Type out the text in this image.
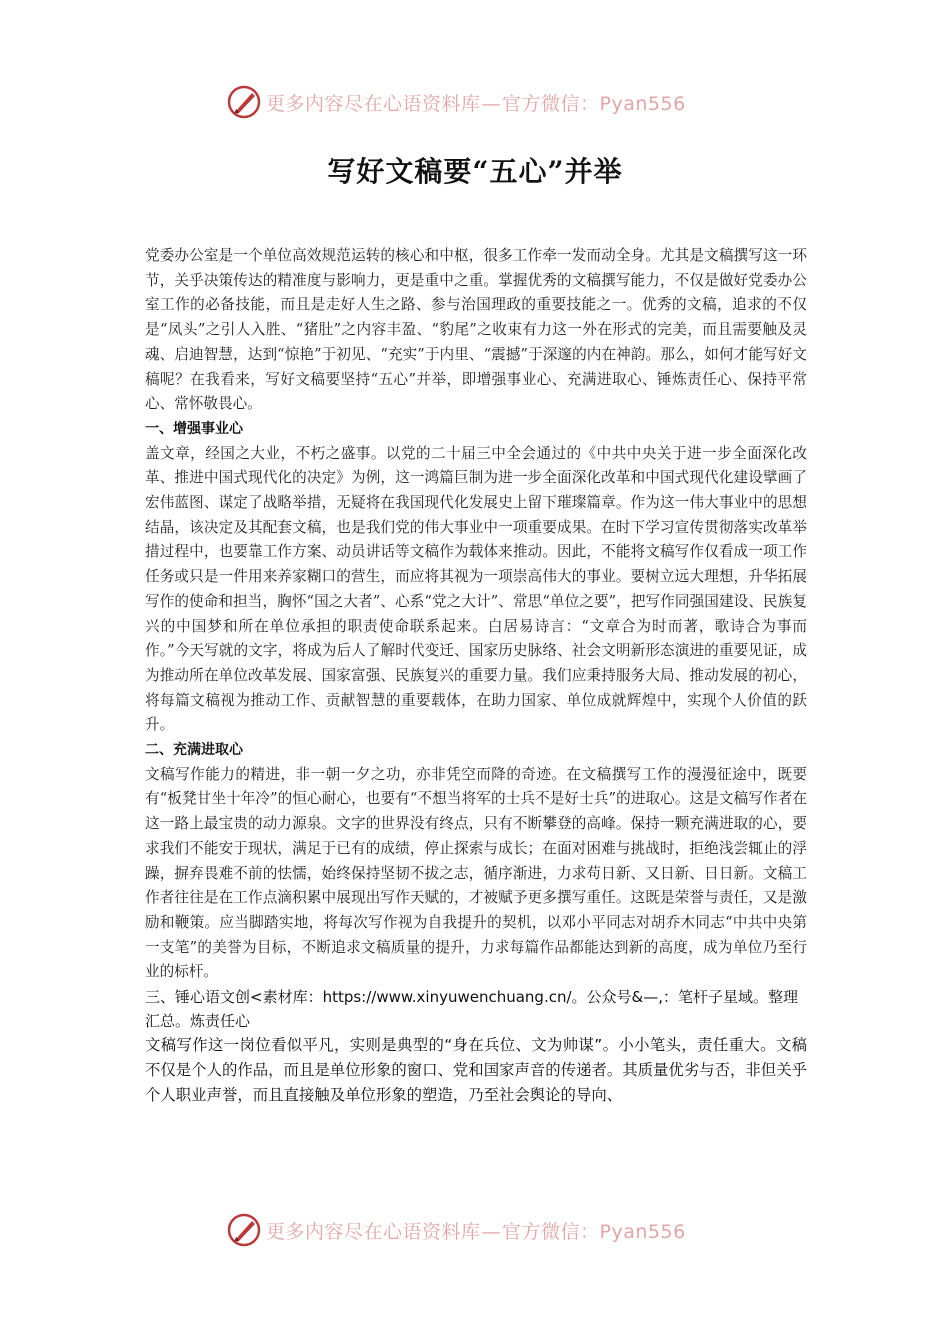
更多内容尽在心语资料库—官方微信：Pyan556
写好文稿要“五心”并举

党委办公室是一个单位高效规范运转的核心和中枢，很多工作牵一发而动全身。尤其是文稿撰写这一环节，关乎决策传达的精准度与影响力，更是重中之重。掌握优秀的文稿撰写能力，不仅是做好党委办公室工作的必备技能，而且是走好人生之路、参与治国理政的重要技能之一。优秀的文稿，追求的不仅是“凤头”之引人入胜、“猪肚”之内容丰盈、“豹尾”之收束有力这一外在形式的完美，而且需要触及灵魂、启迪智慧，达到“惊艳”于初见、“充实”于内里、“震撼”于深邃的内在神韵。那么，如何才能写好文稿呢？在我看来，写好文稿要坚持“五心”并举，即增强事业心、充满进取心、锤炼责任心、保持平常心、常怀敬畏心。

一、增强事业心

盖文章，经国之大业，不朽之盛事。以党的二十届三中全会通过的《中共中央关于进一步全面深化改革、推进中国式现代化的决定》为例，这一鸿篇巨制为进一步全面深化改革和中国式现代化建设擘画了宏伟蓝图、谋定了战略举措，无疑将在我国现代化发展史上留下璀璨篇章。作为这一伟大事业中的思想结晶，该决定及其配套文稿，也是我们党的伟大事业中一项重要成果。在时下学习宣传贯彻落实改革举措过程中，也要靠工作方案、动员讲话等文稿作为载体来推动。因此，不能将文稿写作仅看成一项工作任务或只是一件用来养家糊口的营生，而应将其视为一项崇高伟大的事业。要树立远大理想，升华拓展写作的使命和担当，胸怀“国之大者”、心系“党之大计”、常思“单位之要”，把写作同强国建设、民族复兴的中国梦和所在单位承担的职责使命联系起来。白居易诗言：“文章合为时而著，歌诗合为事而作。”今天写就的文字，将成为后人了解时代变迁、国家历史脉络、社会文明新形态演进的重要见证，成为推动所在单位改革发展、国家富强、民族复兴的重要力量。我们应秉持服务大局、推动发展的初心，将每篇文稿视为推动工作、贡献智慧的重要载体，在助力国家、单位成就辉煌中，实现个人价值的跃升。

二、充满进取心

文稿写作能力的精进，非一朝一夕之功，亦非凭空而降的奇迹。在文稿撰写工作的漫漫征途中，既要有“板凳甘坐十年冷”的恒心耐心，也要有“不想当将军的士兵不是好士兵”的进取心。这是文稿写作者在这一路上最宝贵的动力源泉。文字的世界没有终点，只有不断攀登的高峰。保持一颗充满进取的心，要求我们不能安于现状，满足于已有的成绩，停止探索与成长；在面对困难与挑战时，拒绝浅尝辄止的浮躁，摒弃畏难不前的怯懦，始终保持坚韧不拔之志，循序渐进，力求苟日新、又日新、日日新。文稿工作者往往是在工作点滴积累中展现出写作天赋的，才被赋予更多撰写重任。这既是荣誉与责任，又是激励和鞭策。应当脚踏实地，将每次写作视为自我提升的契机，以邓小平同志对胡乔木同志“中共中央第一支笔”的美誉为目标，不断追求文稿质量的提升，力求每篇作品都能达到新的高度，成为单位乃至行业的标杆。

三、锤心语文创<素材库：https://www.xinyuwenchuang.cn/。公众号&—,：笔杆子星域。整理汇总。炼责任心

文稿写作这一岗位看似平凡，实则是典型的“身在兵位、文为帅谋”。小小笔头，责任重大。文稿不仅是个人的作品，而且是单位形象的窗口、党和国家声音的传递者。其质量优劣与否，非但关乎个人职业声誉，而且直接触及单位形象的塑造，乃至社会舆论的导向、

更多内容尽在心语资料库—官方微信：Pyan556
